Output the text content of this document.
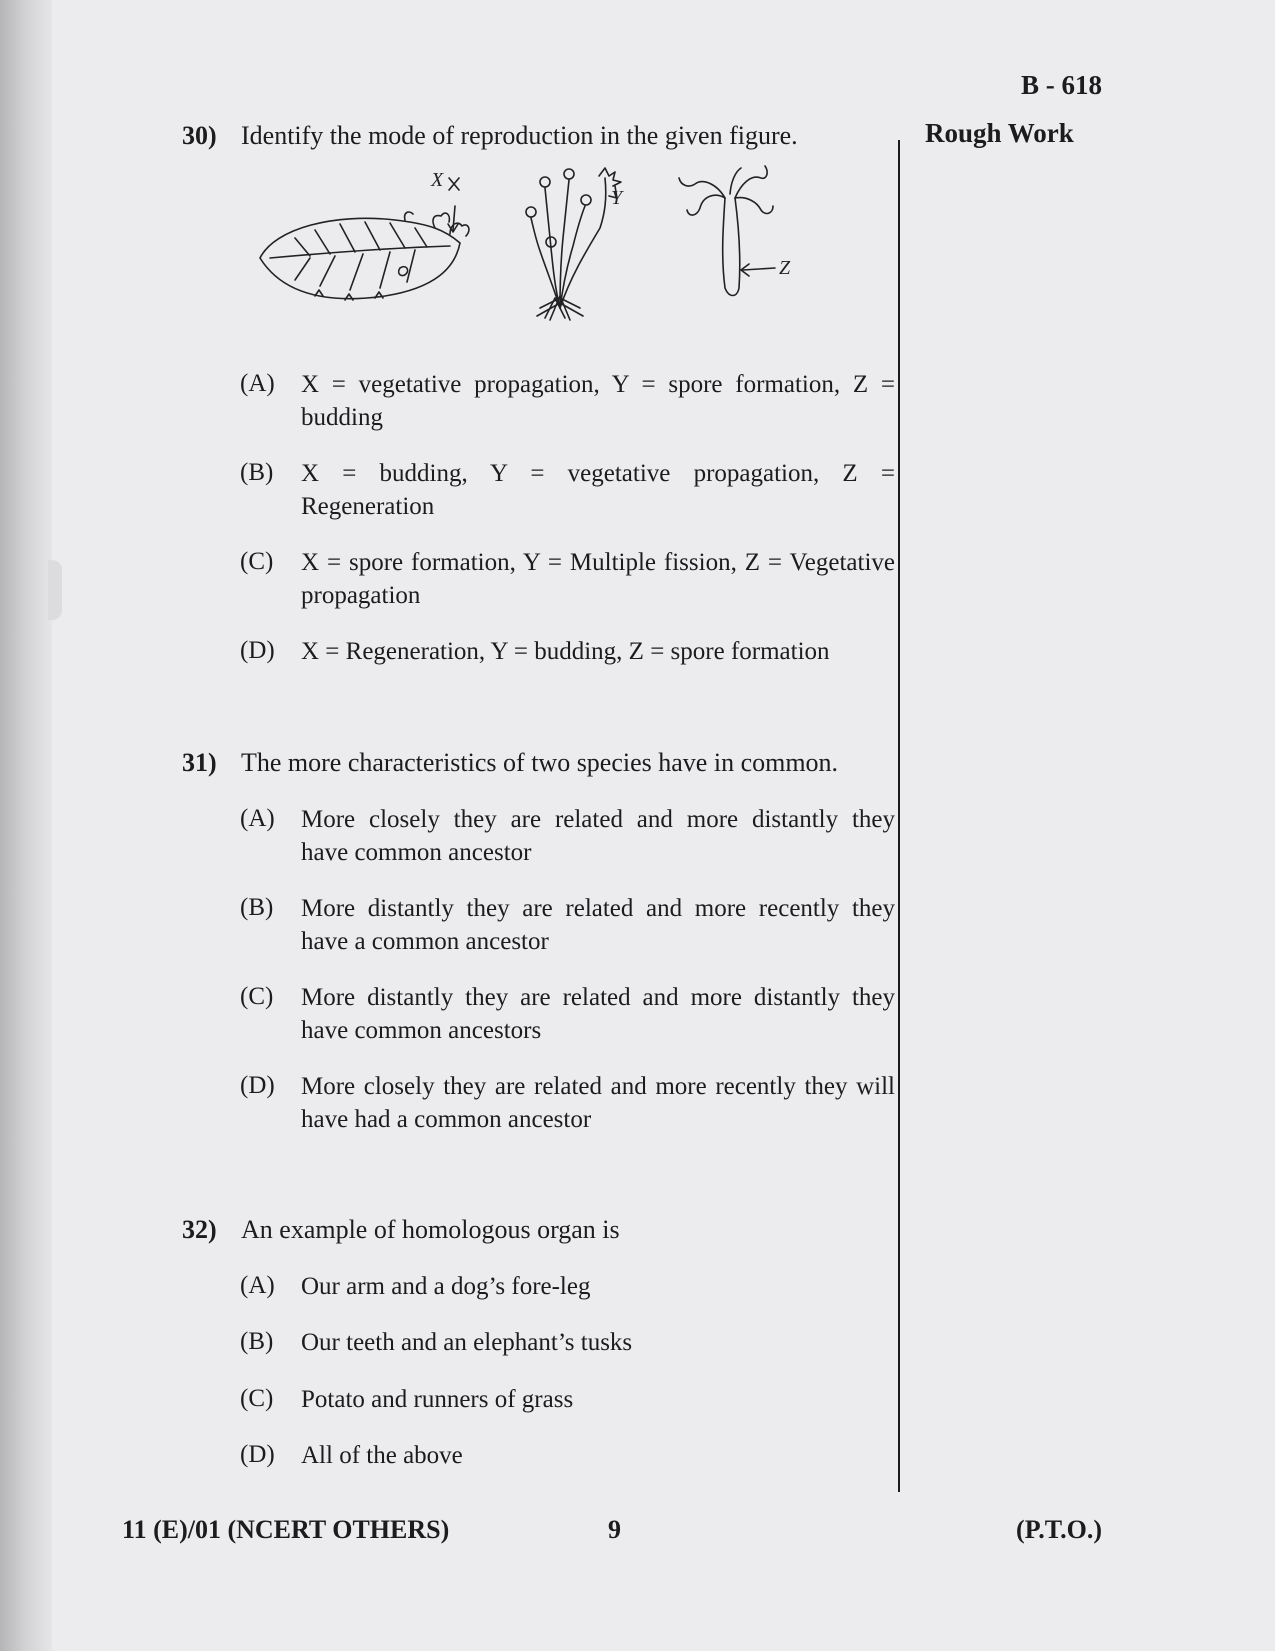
B - 618
Rough Work
30) Identify the mode of reproduction in the given figure.
X
Y
Z
(A) X = vegetative propagation, Y = spore formation, Z =
budding
(B) X = budding, Y = vegetative propagation, Z =
Regeneration
(C) X = spore formation, Y = Multiple fission, Z = Vegetative
propagation
(D) X = Regeneration, Y = budding, Z = spore formation
31) The more characteristics of two species have in common.
(A) More closely they are related and more distantly they
have common ancestor
(B) More distantly they are related and more recently they
have a common ancestor
(C) More distantly they are related and more distantly they
have common ancestors
(D) More closely they are related and more recently they will
have had a common ancestor
32) An example of homologous organ is
(A) Our arm and a dog’s fore-leg
(B) Our teeth and an elephant’s tusks
(C) Potato and runners of grass
(D) All of the above
11 (E)/01 (NCERT OTHERS)	9	(P.T.O.)
